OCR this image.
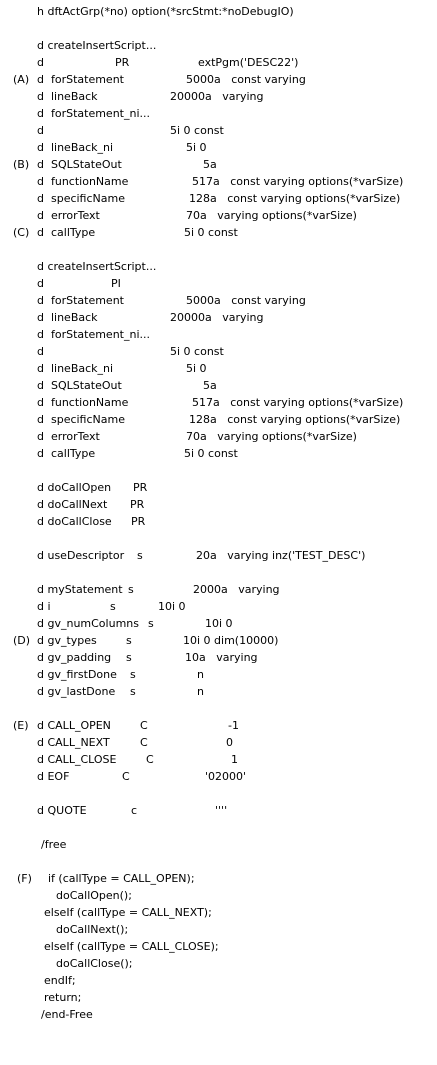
h dftActGrp(*no) option(*srcStmt:*noDebugIO)
d createInsertScript...
d	PR	extPgm('DESC22')
(A) d  forStatement	5000a   const varying
d  lineBack	20000a   varying
d  forStatement_ni...
d	5i 0 const
d  lineBack_ni	5i 0
(B) d  SQLStateOut	5a
d  functionName	517a   const varying options(*varSize)
d  specificName	128a   const varying options(*varSize)
d  errorText	70a   varying options(*varSize)
(C) d  callType	5i 0 const
d createInsertScript...
d	PI
d  forStatement	5000a   const varying
d  lineBack	20000a   varying
d  forStatement_ni...
d	5i 0 const
d  lineBack_ni	5i 0
d  SQLStateOut	5a
d  functionName	517a   const varying options(*varSize)
d  specificName	128a   const varying options(*varSize)
d  errorText	70a   varying options(*varSize)
d  callType	5i 0 const
d doCallOpen PR
d doCallNext PR
d doCallClose PR
d useDescriptor s	20a   varying inz('TEST_DESC')
d myStatement s	2000a   varying
d i	s	10i 0
d gv_numColumns s	10i 0
(D) d gv_types	s	10i 0 dim(10000)
d gv_padding s	10a   varying
d gv_firstDone s	n
d gv_lastDone s	n
(E) d CALL_OPEN	C	-1
d CALL_NEXT	C	0
d CALL_CLOSE	C	1
d EOF	C	'02000'
d QUOTE	c	''''
/free
(F) if (callType = CALL_OPEN);
doCallOpen();
elseIf (callType = CALL_NEXT);
doCallNext();
elseIf (callType = CALL_CLOSE);
doCallClose();
endIf;
return;
/end-Free
